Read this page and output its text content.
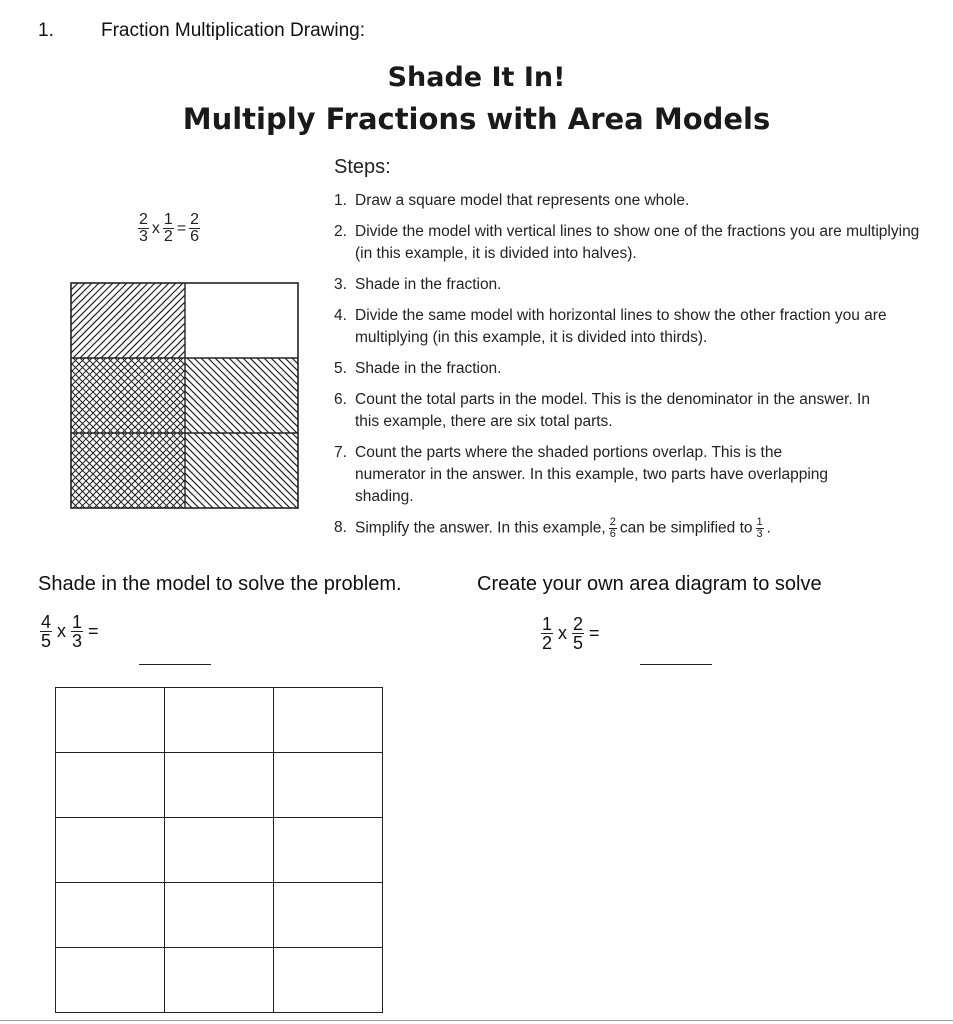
1. Fraction Multiplication Drawing:
Shade It In!
Multiply Fractions with Area Models
$\frac{2}{3}$ x $\frac{1}{2} = \frac{2}{6}$
Steps:
1. Draw a square model that represents one whole.
2. Divide the model with vertical lines to show one of the fractions you are multiplying (in this example, it is divided into halves).
3. Shade in the fraction.
4. Divide the same model with horizontal lines to show the other fraction you are multiplying (in this example, it is divided into thirds).
5. Shade in the fraction.
6. Count the total parts in the model. This is the denominator in the answer. In this example, there are six total parts.
7. Count the parts where the shaded portions overlap. This is the numerator in the answer. In this example, two parts have overlapping shading.
8. Simplify the answer. In this example, $\frac{2}{6}$ can be simplified to $\frac{1}{3}$ .
Shade in the model to solve the problem.	Create your own area diagram to solve
$\frac{4}{5}$ x $\frac{1}{3}$ =	$\frac{1}{2}$ x $\frac{2}{5}$ =
